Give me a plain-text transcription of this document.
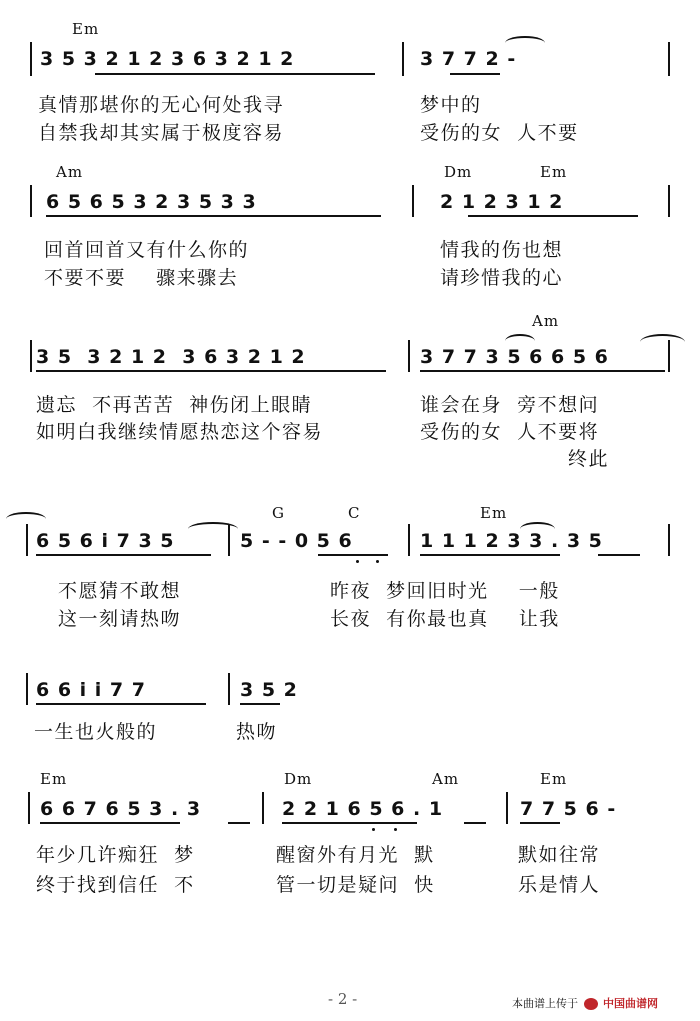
Em
3 5 3 2 1 2 3 6 3 2 1 2	3 7 7 2 -
真情那堪你的无心何处我寻	梦中的
自禁我却其实属于极度容易	受伤的女  人不要
Am	Dm	Em
6 5 6 5 3 2 3 5 3 3	2 1 2 3 1 2
回首回首又有什么你的	情我的伤也想
不要不要    骤来骤去	请珍惜我的心
Am
3 5  3 2 1 2  3 6 3 2 1 2	3 7 7 3 5 6 6 5 6
遗忘  不再苦苦  神伤闭上眼睛	谁会在身  旁不想问
如明白我继续情愿热恋这个容易	受伤的女  人不要将
终此
G	C	Em
6 5 6 i 7 3 5	5 - - 0 5 6	1 1 1 2 3 3 . 3 5
不愿猜不敢想	昨夜  梦回旧时光    一般
这一刻请热吻	长夜  有你最也真    让我
6 6 i i 7 7	3 5 2
一生也火般的	热吻
Em	Dm	Am	Em
6 6 7 6 5 3 . 3	2 2 1 6 5 6 . 1	7 7 5 6 -
年少几许痴狂  梦	醒窗外有月光  默	默如往常
终于找到信任  不	管一切是疑问  快	乐是情人
- 2 -	本曲谱上传于 中国曲谱网
